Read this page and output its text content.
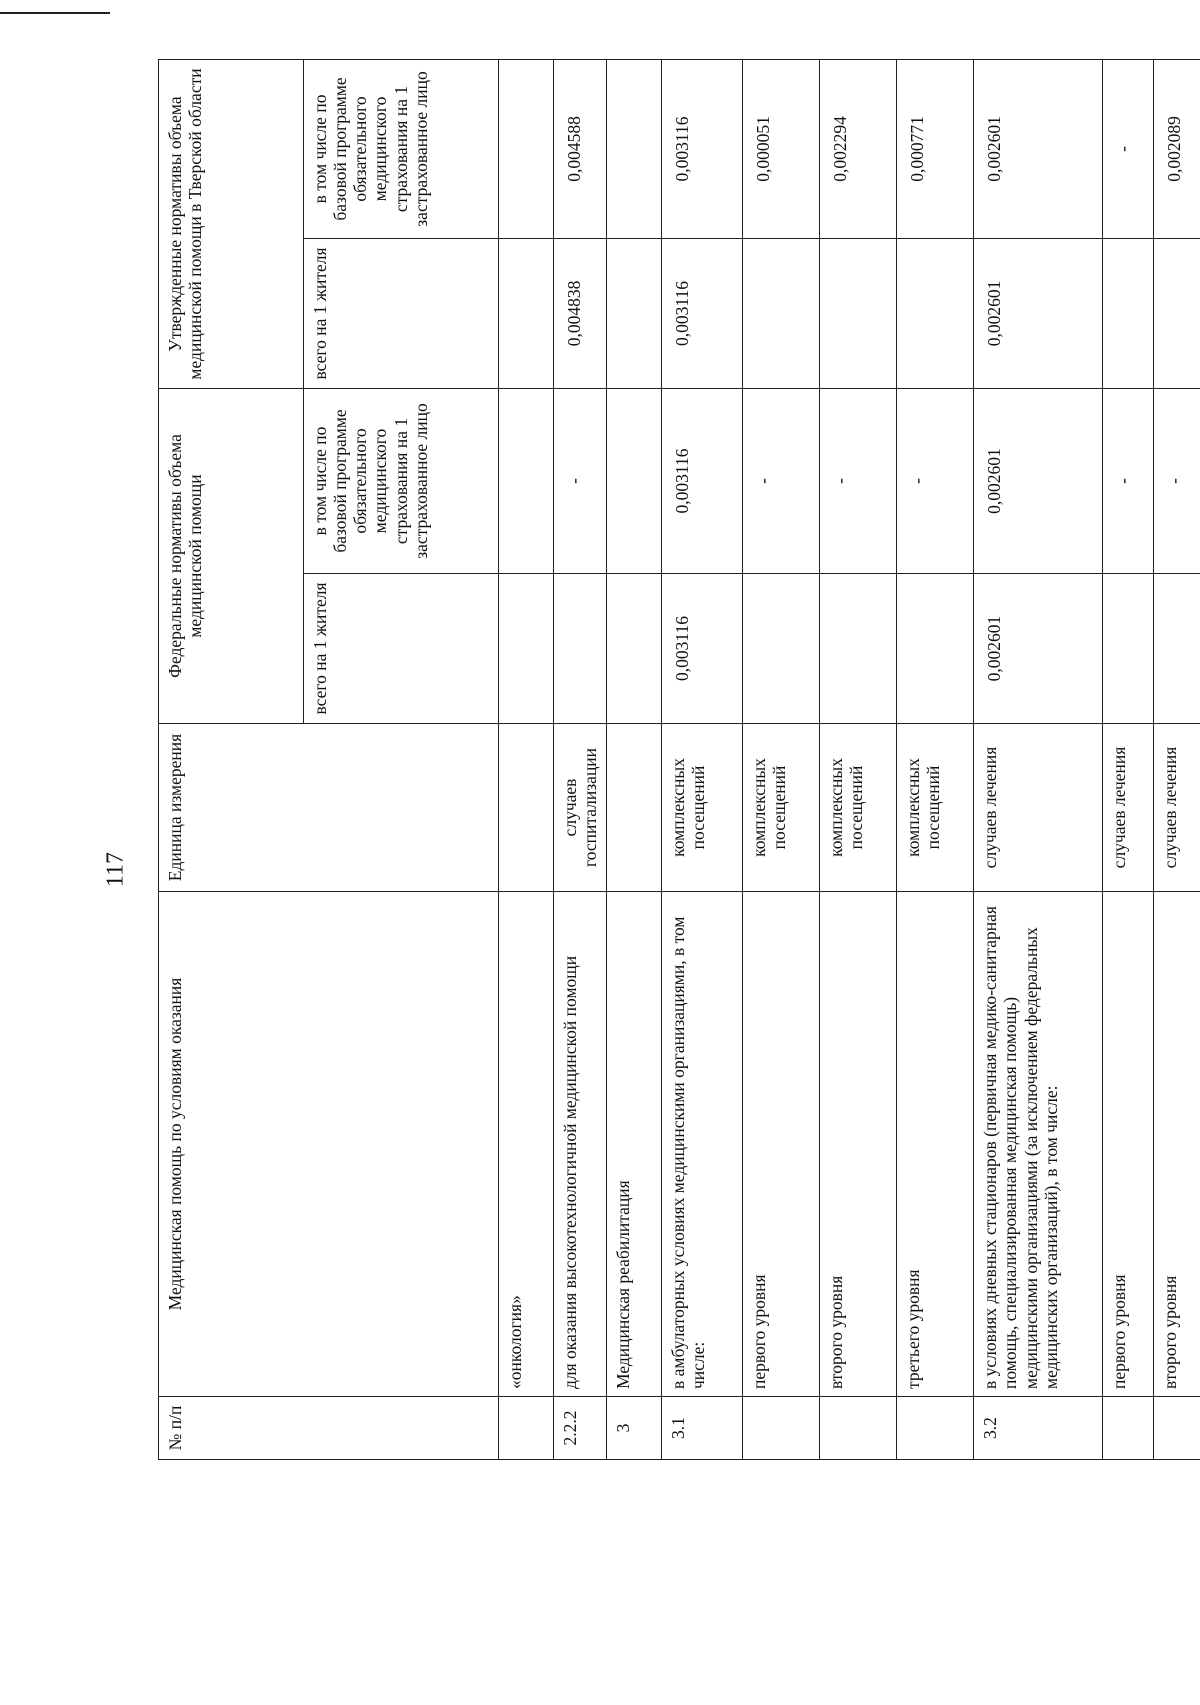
117
№ п/п	Медицинская помощь по условиям оказания	Единица измерения	Федеральные нормативы объема медицинской помощи		Утвержденные нормативы объема медицинской помощи в Тверской области	
			всего на 1 жителя	в том числе по базовой программе обязательного медицинского страхования на 1 застрахованное лицо	всего на 1 жителя	в том числе по базовой программе обязательного медицинского страхования на 1 застрахованное лицо
	«онкология»					
2.2.2	для оказания высокотехнологичной медицинской помощи	случаев госпитализации		-	0,004838	0,004588
3	Медицинская реабилитация					
3.1	в амбулаторных условиях медицинскими организациями, в том числе:	комплексных посещений	0,003116	0,003116	0,003116	0,003116
	первого уровня	комплексных посещений		-		0,000051
	второго уровня	комплексных посещений		-		0,002294
	третьего уровня	комплексных посещений		-		0,000771
3.2	в условиях дневных стационаров (первичная медико-санитарная помощь, специализированная медицинская помощь) медицинскими организациями (за исключением федеральных медицинских организаций), в том числе:	случаев лечения	0,002601	0,002601	0,002601	0,002601
	первого уровня	случаев лечения		-		-
	второго уровня	случаев лечения		-		0,002089
